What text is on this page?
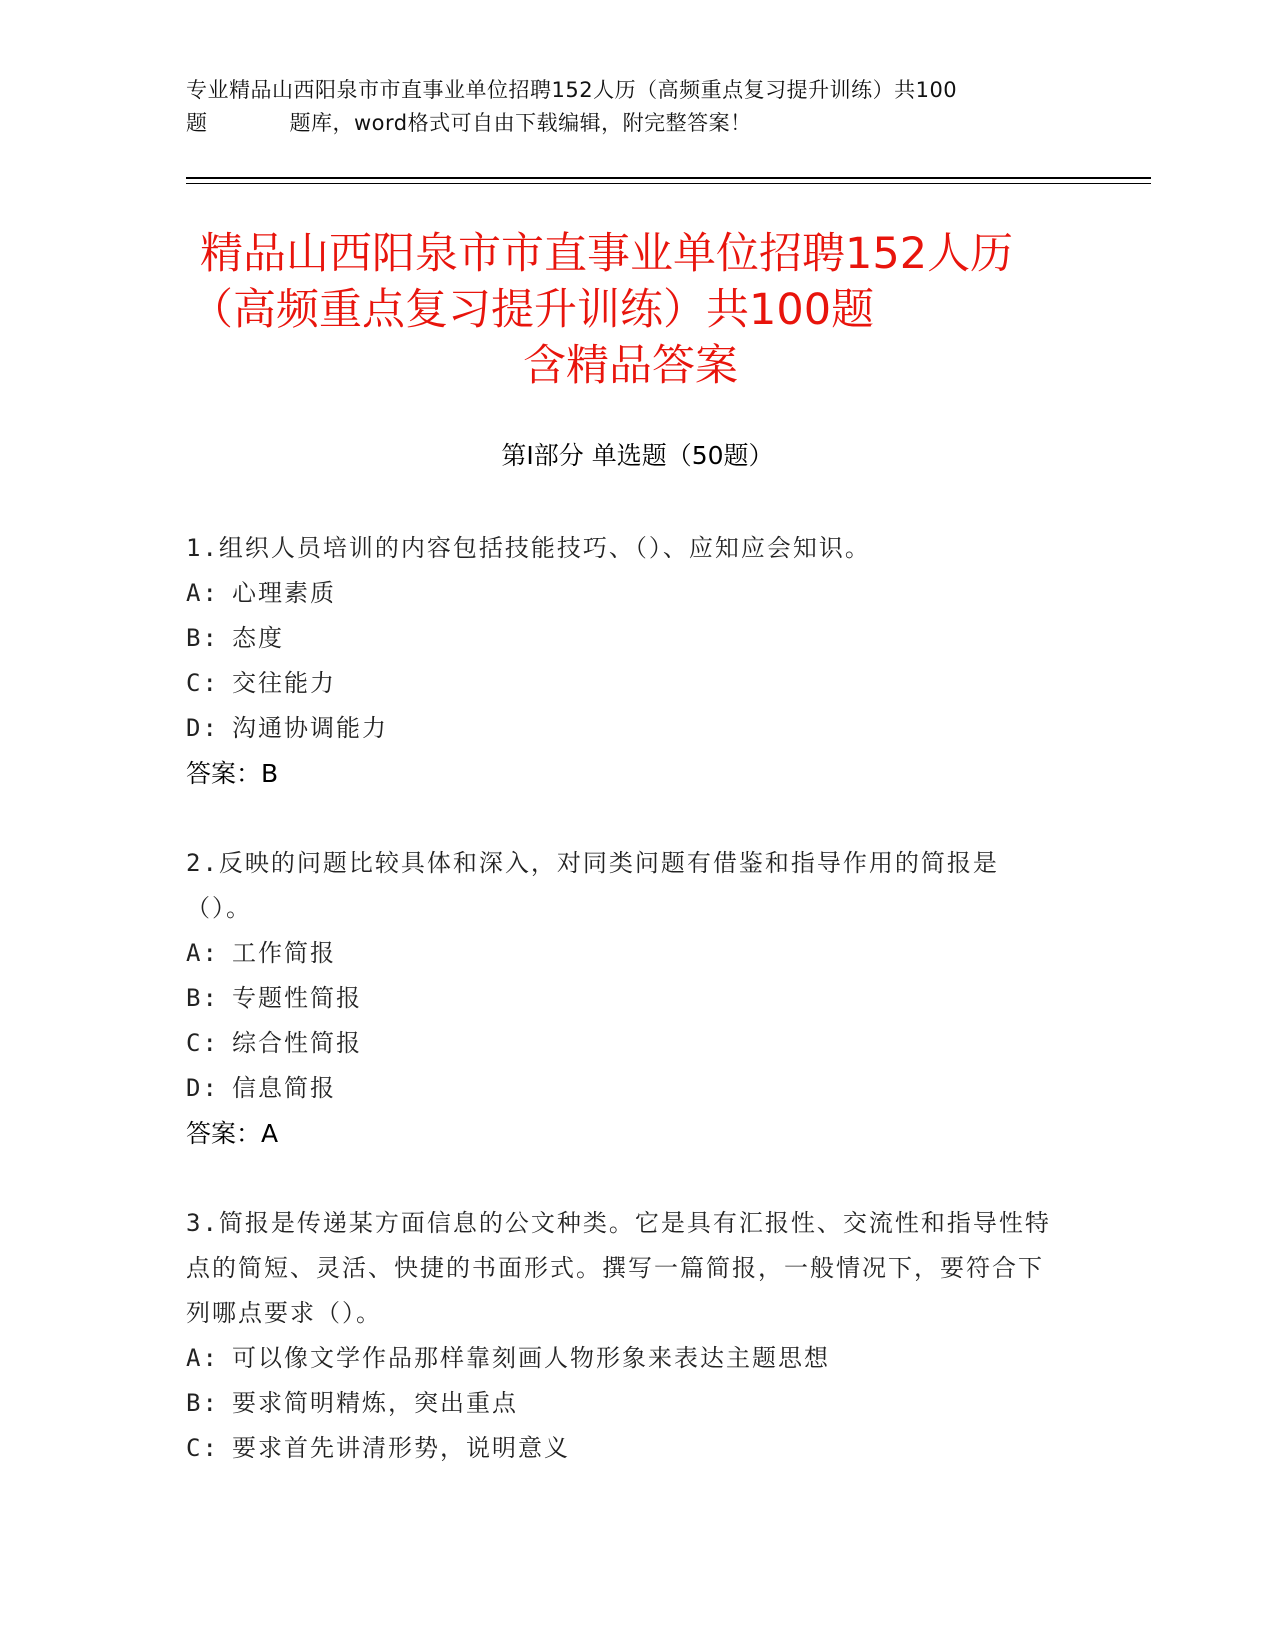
专业精品山西阳泉市市直事业单位招聘152人历（高频重点复习提升训练）共100
题	题库，word格式可自由下载编辑，附完整答案！
精品山西阳泉市市直事业单位招聘152人历
（高频重点复习提升训练）共100题
含精品答案
第Ⅰ部分 单选题（50题）
1.组织人员培训的内容包括技能技巧、（）、应知应会知识。
A: 心理素质
B: 态度
C: 交往能力
D: 沟通协调能力
答案：B
2.反映的问题比较具体和深入，对同类问题有借鉴和指导作用的简报是（）。
A: 工作简报
B: 专题性简报
C: 综合性简报
D: 信息简报
答案：A
3.简报是传递某方面信息的公文种类。它是具有汇报性、交流性和指导性特点的简短、灵活、快捷的书面形式。撰写一篇简报，一般情况下，要符合下列哪点要求（）。
A: 可以像文学作品那样靠刻画人物形象来表达主题思想
B: 要求简明精炼，突出重点
C: 要求首先讲清形势，说明意义
